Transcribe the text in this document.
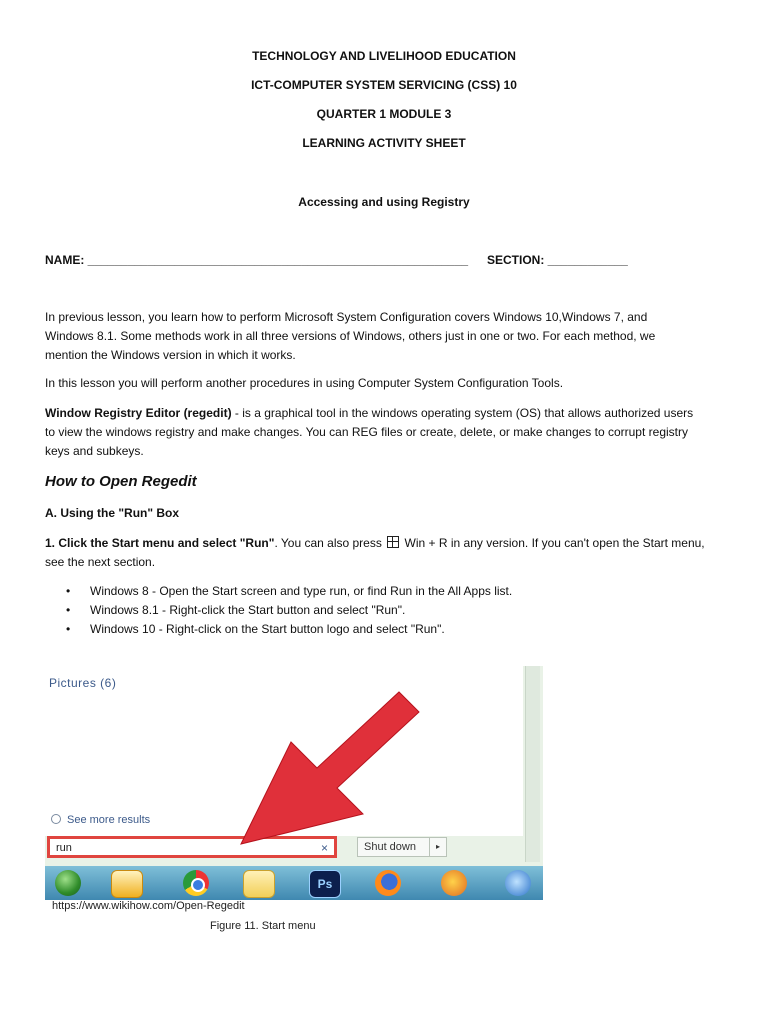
TECHNOLOGY AND LIVELIHOOD EDUCATION
ICT-COMPUTER SYSTEM SERVICING (CSS) 10
QUARTER 1 MODULE 3
LEARNING ACTIVITY SHEET
Accessing and using Registry
NAME: _________________________________________________________ SECTION: ____________
In previous lesson, you learn how to perform Microsoft System Configuration covers Windows 10,Windows 7, and
Windows 8.1. Some methods work in all three versions of Windows, others just in one or two. For each method, we
mention the Windows version in which it works.
In this lesson you will perform another procedures in using Computer System Configuration Tools.
Window Registry Editor (regedit) - is a graphical tool in the windows operating system (OS) that allows authorized users
to view the windows registry and make changes. You can REG files or create, delete, or make changes to corrupt registry
keys and subkeys.
How to Open Regedit
A. Using the "Run" Box
1. Click the Start menu and select "Run". You can also press  Win + R in any version. If you can't open the Start menu,
see the next section.
• Windows 8 - Open the Start screen and type run, or find Run in the All Apps list.
• Windows 8.1 - Right-click the Start button and select "Run".
• Windows 10 - Right-click on the Start button logo and select "Run".
Pictures (6)
See more results
run	×	Shut down	▸
Ps
https://www.wikihow.com/Open-Regedit
Figure 11. Start menu
